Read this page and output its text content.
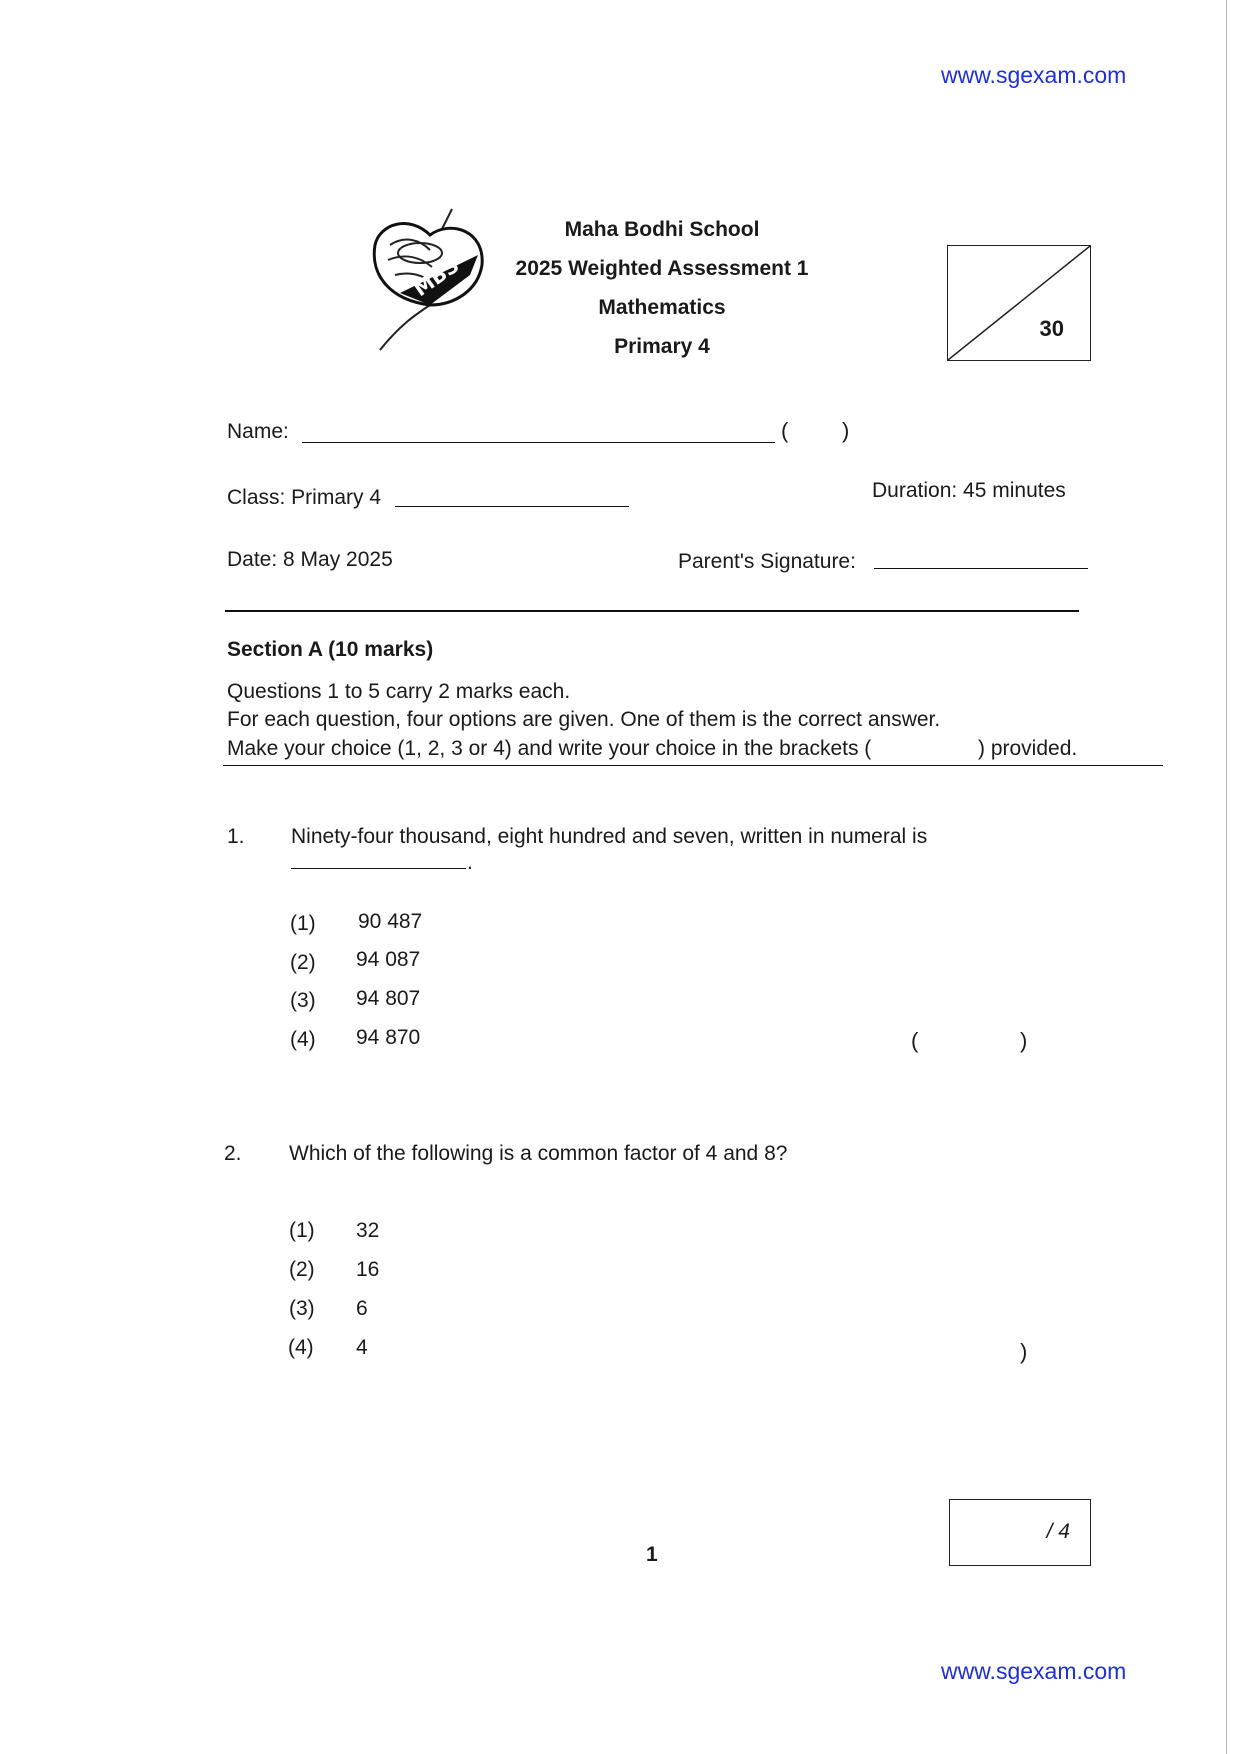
www.sgexam.com
MBS
Maha Bodhi School
2025 Weighted Assessment 1
Mathematics
Primary 4
30
Name:	( )
Class: Primary 4	Duration: 45 minutes
Date: 8 May 2025	Parent's Signature:
Section A (10 marks)
Questions 1 to 5 carry 2 marks each.
For each question, four options are given. One of them is the correct answer.
Make your choice (1, 2, 3 or 4) and write your choice in the brackets (	) provided.
1. Ninety-four thousand, eight hundred and seven, written in numeral is
.
(1) 90 487
(2) 94 087
(3) 94 807
(4) 94 870	(	)
2. Which of the following is a common factor of 4 and 8?
(1) 32
(2) 16
(3) 6
(4) 4	)
/ 4
1
www.sgexam.com
